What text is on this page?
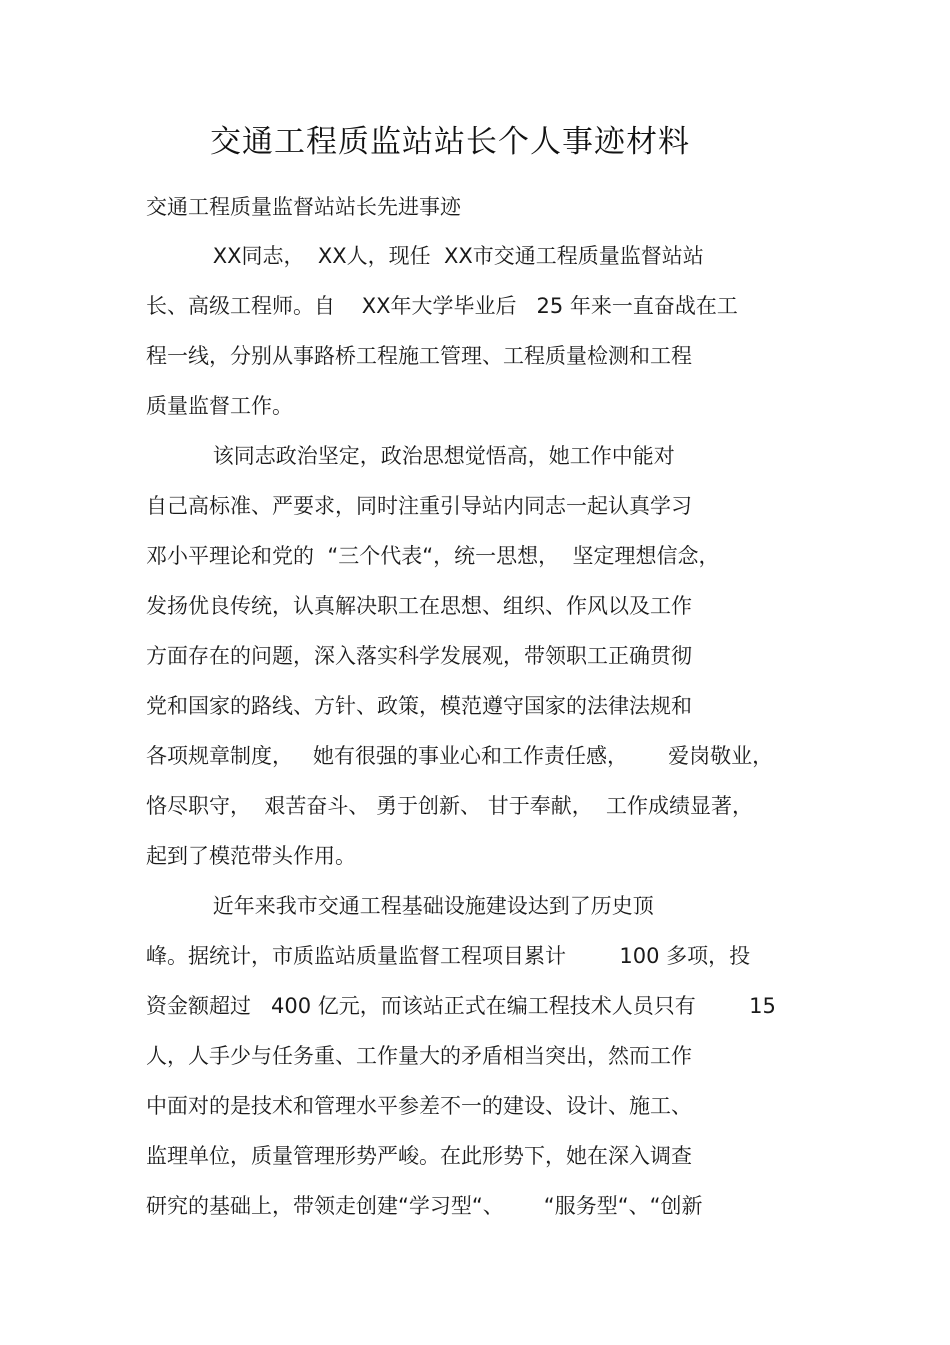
交通工程质监站站长个人事迹材料
交通工程质量监督站站长先进事迹
XX同志，  XX人，现任  XX市交通工程质量监督站站
长、高级工程师。自    XX年大学毕业后   25 年来一直奋战在工
程一线，分别从事路桥工程施工管理、工程质量检测和工程
质量监督工作。
该同志政治坚定，政治思想觉悟高，她工作中能对
自己高标准、严要求，同时注重引导站内同志一起认真学习
邓小平理论和党的  “三个代表“，统一思想，  坚定理想信念，
发扬优良传统，认真解决职工在思想、组织、作风以及工作
方面存在的问题，深入落实科学发展观，带领职工正确贯彻
党和国家的路线、方针、政策，模范遵守国家的法律法规和
各项规章制度，   她有很强的事业心和工作责任感，      爱岗敬业，
恪尽职守，  艰苦奋斗、 勇于创新、 甘于奉献，  工作成绩显著，
起到了模范带头作用。
近年来我市交通工程基础设施建设达到了历史顶
峰。据统计，市质监站质量监督工程项目累计        100 多项，投
资金额超过   400 亿元，而该站正式在编工程技术人员只有        15
人，人手少与任务重、工作量大的矛盾相当突出，然而工作
中面对的是技术和管理水平参差不一的建设、设计、施工、
监理单位，质量管理形势严峻。在此形势下，她在深入调查
研究的基础上，带领走创建“学习型“、      “服务型“、“创新
